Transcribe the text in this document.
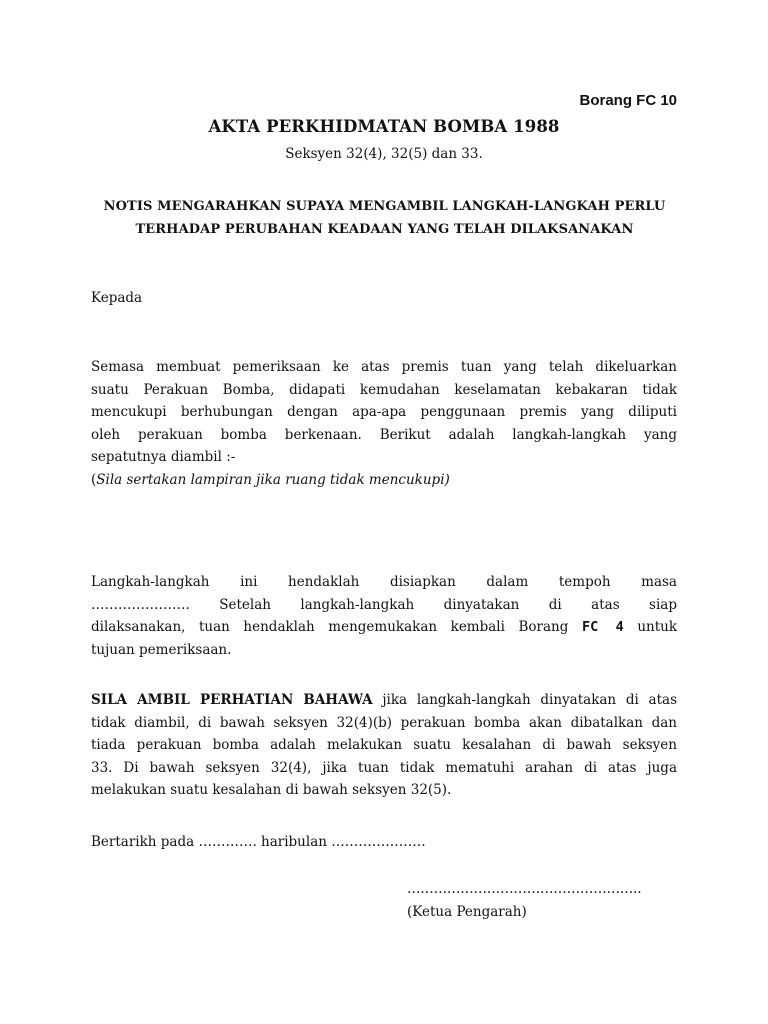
Borang FC 10
AKTA PERKHIDMATAN BOMBA 1988
Seksyen 32(4), 32(5) dan 33.
NOTIS MENGARAHKAN SUPAYA MENGAMBIL LANGKAH-LANGKAH PERLU
TERHADAP PERUBAHAN KEADAAN YANG TELAH DILAKSANAKAN
Kepada
Semasa membuat pemeriksaan ke atas premis tuan yang telah dikeluarkan
suatu Perakuan Bomba, didapati kemudahan keselamatan kebakaran tidak
mencukupi berhubungan dengan apa-apa penggunaan premis yang diliputi
oleh perakuan bomba berkenaan. Berikut adalah langkah-langkah yang
sepatutnya diambil :-
(Sila sertakan lampiran jika ruang tidak mencukupi)
Langkah-langkah ini hendaklah disiapkan dalam tempoh masa
…………………. Setelah langkah-langkah dinyatakan di atas siap
dilaksanakan, tuan hendaklah mengemukakan kembali Borang FC 4 untuk
tujuan pemeriksaan.
SILA AMBIL PERHATIAN BAHAWA jika langkah-langkah dinyatakan di atas
tidak diambil, di bawah seksyen 32(4)(b) perakuan bomba akan dibatalkan dan
tiada perakuan bomba adalah melakukan suatu kesalahan di bawah seksyen
33. Di bawah seksyen 32(4), jika tuan tidak mematuhi arahan di atas juga
melakukan suatu kesalahan di bawah seksyen 32(5).
Bertarikh pada …………. haribulan …………………
……………………………………………..
(Ketua Pengarah)
